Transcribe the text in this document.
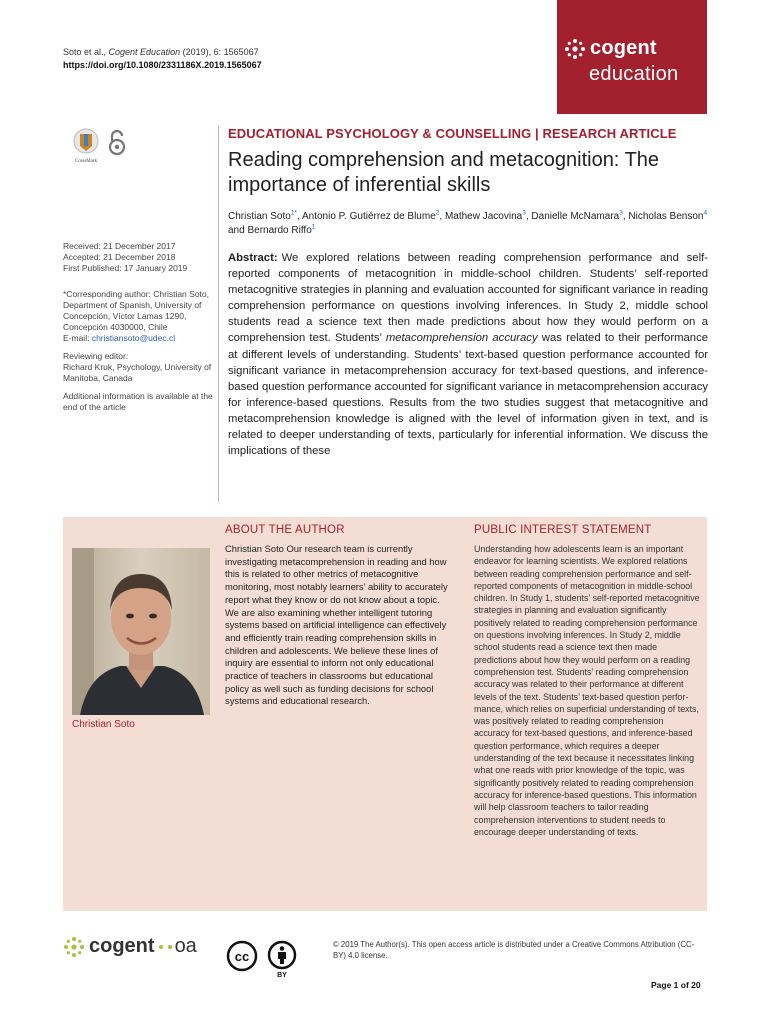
Soto et al., Cogent Education (2019), 6: 1565067
https://doi.org/10.1080/2331186X.2019.1565067
cogent
education
CrossMark
Received: 21 December 2017
Accepted: 21 December 2018
First Published: 17 January 2019

*Corresponding author: Christian Soto, Department of Spanish, University of Concepción, Víctor Lamas 1290, Concepción 4030000, Chile
E-mail: christiansoto@udec.cl

Reviewing editor:
Richard Kruk, Psychology, University of Manitoba, Canada

Additional information is available at the end of the article

EDUCATIONAL PSYCHOLOGY & COUNSELLING | RESEARCH ARTICLE
Reading comprehension and metacognition: The importance of inferential skills
Christian Soto$^{1*}$, Antonio P. Gutiérrez de Blume$^2$, Mathew Jacovina$^3$, Danielle McNamara$^3$, Nicholas Benson$^4$ and Bernardo Riffo$^1$
Abstract: We explored relations between reading comprehension performance and self-reported components of metacognition in middle-school children. Students’ self-reported metacognitive strategies in planning and evaluation accounted for significant variance in reading comprehension performance on questions involving inferences. In Study 2, middle school students read a science text then made predictions about how they would perform on a comprehension test. Students’ metacomprehension accuracy was related to their performance at different levels of understanding. Students’ text-based question performance accounted for significant variance in metacomprehension accuracy for text-based questions, and inference-based question performance accounted for significant variance in metacomprehension accuracy for inference-based questions. Results from the two studies suggest that metacognitive and metacomprehension knowledge is aligned with the level of information given in text, and is related to deeper understanding of texts, particularly for inferential information. We discuss the implications of these
Christian Soto
ABOUT THE AUTHOR
Christian Soto Our research team is currently investigating metacomprehension in reading and how this is related to other metrics of metacognitive monitoring, most notably learners’ ability to accurately report what they know or do not know about a topic. We are also examining whether intelligent tutoring systems based on artificial intelligence can effectively and efficiently train reading comprehension skills in children and adolescents. We believe these lines of inquiry are essential to inform not only educational practice of teachers in classrooms but educational policy as well such as funding decisions for school systems and educational research.
PUBLIC INTEREST STATEMENT
Understanding how adolescents learn is an important endeavor for learning scientists. We explored relations between reading comprehension performance and self-reported components of metacognition in middle-school children. In Study 1, students’ self-reported metacognitive strategies in planning and evaluation significantly positively related to reading comprehension performance on questions involving inferences. In Study 2, middle school students read a science text then made predictions about how they would perform on a reading comprehension test. Students’ reading comprehension accuracy was related to their performance at different levels of the text. Students’ text-based question performance, which relies on superficial understanding of texts, was positively related to reading comprehension accuracy for text-based questions, and inference-based question performance, which requires a deeper understanding of the text because it necessitates linking what one reads with prior knowledge of the topic, was significantly positively related to reading comprehension accuracy for inference-based questions. This information will help classroom teachers to tailor reading comprehension interventions to student needs to encourage deeper understanding of texts.
cogent oa	cc
BY
© 2019 The Author(s). This open access article is distributed under a Creative Commons Attribution (CC-BY) 4.0 license.
Page 1 of 20
